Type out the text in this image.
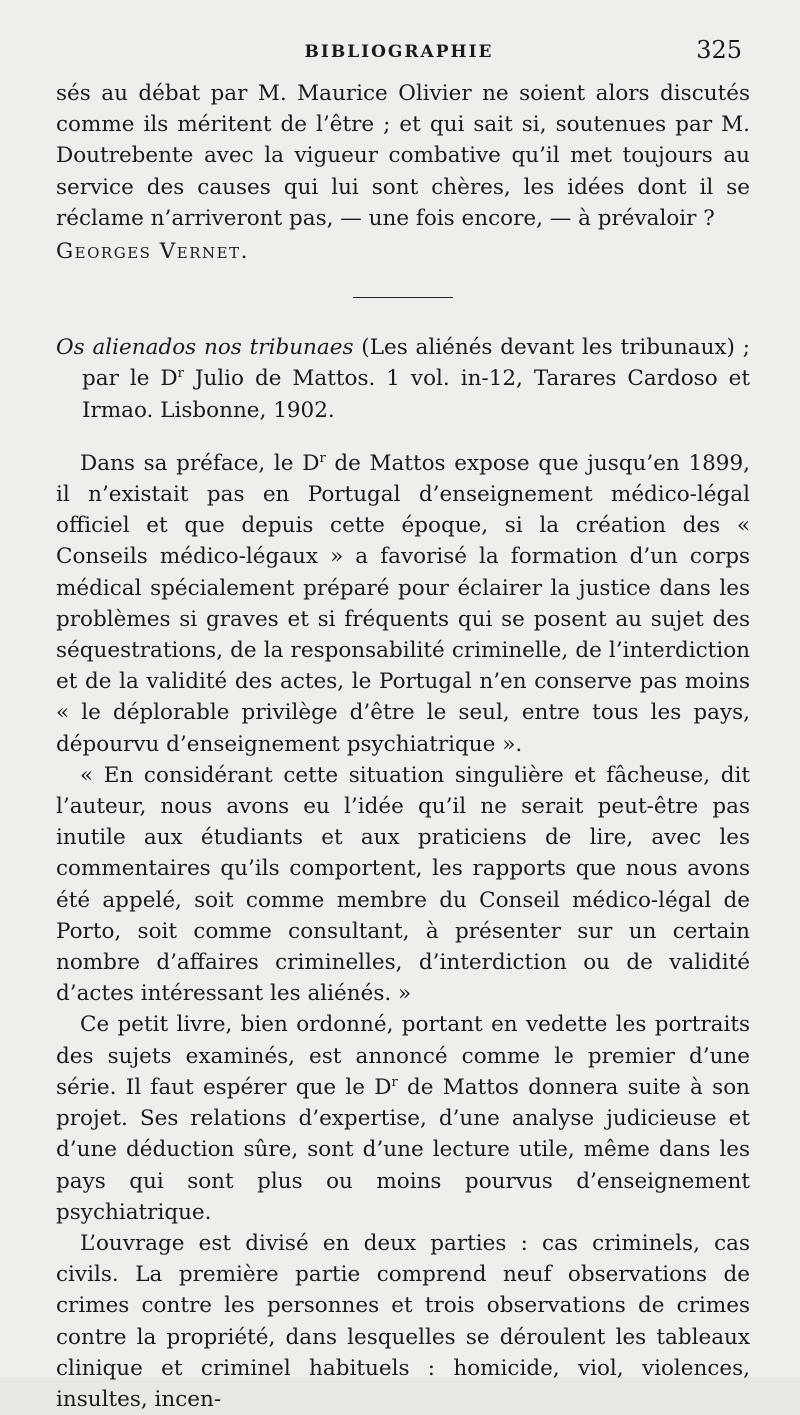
BIBLIOGRAPHIE	325

sés au débat par M. Maurice Olivier ne soient alors discutés comme ils méritent de l’être ; et qui sait si, soutenues par M. Doutrebente avec la vigueur combative qu’il met toujours au service des causes qui lui sont chères, les idées dont il se réclame n’arriveront pas, — une fois encore, — à prévaloir ?

Georges Vernet.

Os alienados nos tribunaes (Les aliénés devant les tribunaux) ; par le $D^r$ Julio de Mattos. 1 vol. in-12, Tarares Cardoso et Irmao. Lisbonne, 1902.

Dans sa préface, le $D^r$ de Mattos expose que jusqu’en 1899, il n’existait pas en Portugal d’enseignement médico-légal officiel et que depuis cette époque, si la création des « Conseils médico-légaux » a favorisé la formation d’un corps médical spécialement préparé pour éclairer la justice dans les problèmes si graves et si fréquents qui se posent au sujet des séquestrations, de la responsabilité criminelle, de l’interdiction et de la validité des actes, le Portugal n’en conserve pas moins « le déplorable privilège d’être le seul, entre tous les pays, dépourvu d’enseignement psychiatrique ».

« En considérant cette situation singulière et fâcheuse, dit l’auteur, nous avons eu l’idée qu’il ne serait peut-être pas inutile aux étudiants et aux praticiens de lire, avec les commentaires qu’ils comportent, les rapports que nous avons été appelé, soit comme membre du Conseil médico-légal de Porto, soit comme consultant, à présenter sur un certain nombre d’affaires criminelles, d’interdiction ou de validité d’actes intéressant les aliénés. »

Ce petit livre, bien ordonné, portant en vedette les portraits des sujets examinés, est annoncé comme le premier d’une série. Il faut espérer que le $D^r$ de Mattos donnera suite à son projet. Ses relations d’expertise, d’une analyse judicieuse et d’une déduction sûre, sont d’une lecture utile, même dans les pays qui sont plus ou moins pourvus d’enseignement psychiatrique.

L’ouvrage est divisé en deux parties : cas criminels, cas civils. La première partie comprend neuf observations de crimes contre les personnes et trois observations de crimes contre la propriété, dans lesquelles se déroulent les tableaux clinique et criminel habituels : homicide, viol, violences, insultes, incen-
